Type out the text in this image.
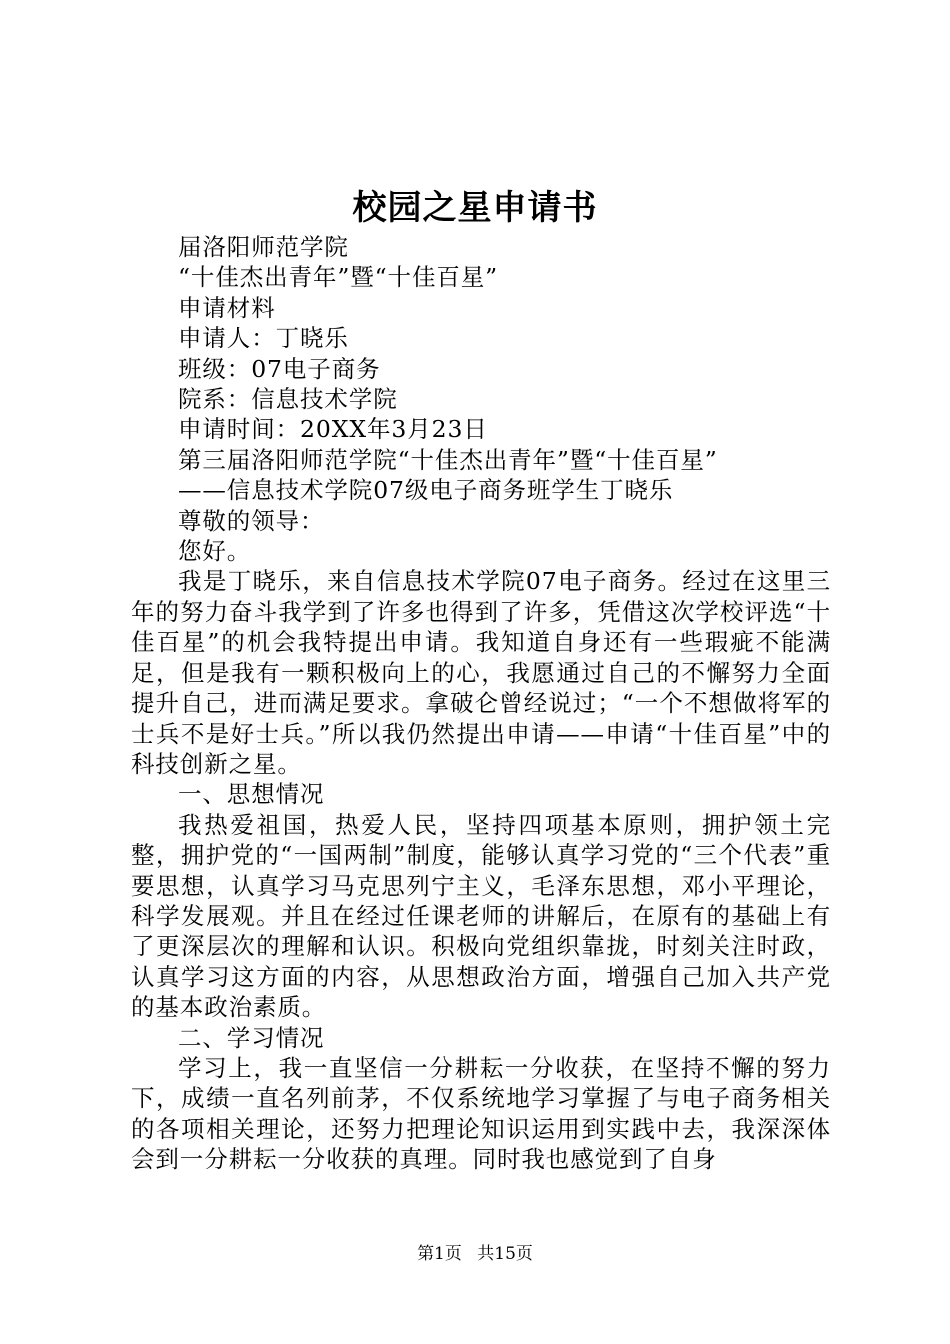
校园之星申请书

届洛阳师范学院

“十佳杰出青年”暨“十佳百星”

申请材料

申请人：丁晓乐

班级：07电子商务

院系：信息技术学院

申请时间：20XX年3月23日

第三届洛阳师范学院“十佳杰出青年”暨“十佳百星”

——信息技术学院07级电子商务班学生丁晓乐

尊敬的领导：

您好。

我是丁晓乐，来自信息技术学院07电子商务。经过在这里三年的努力奋斗我学到了许多也得到了许多，凭借这次学校评选“十佳百星”的机会我特提出申请。我知道自身还有一些瑕疵不能满足，但是我有一颗积极向上的心，我愿通过自己的不懈努力全面提升自己，进而满足要求。拿破仑曾经说过；“一个不想做将军的士兵不是好士兵。”所以我仍然提出申请——申请“十佳百星”中的科技创新之星。

一、思想情况

我热爱祖国，热爱人民，坚持四项基本原则，拥护领土完整，拥护党的“一国两制”制度，能够认真学习党的“三个代表”重要思想，认真学习马克思列宁主义，毛泽东思想，邓小平理论，科学发展观。并且在经过任课老师的讲解后，在原有的基础上有了更深层次的理解和认识。积极向党组织靠拢，时刻关注时政，认真学习这方面的内容，从思想政治方面，增强自己加入共产党的基本政治素质。

二、学习情况

学习上，我一直坚信一分耕耘一分收获，在坚持不懈的努力下，成绩一直名列前茅，不仅系统地学习掌握了与电子商务相关的各项相关理论，还努力把理论知识运用到实践中去，我深深体会到一分耕耘一分收获的真理。同时我也感觉到了自身

第1页 共15页
